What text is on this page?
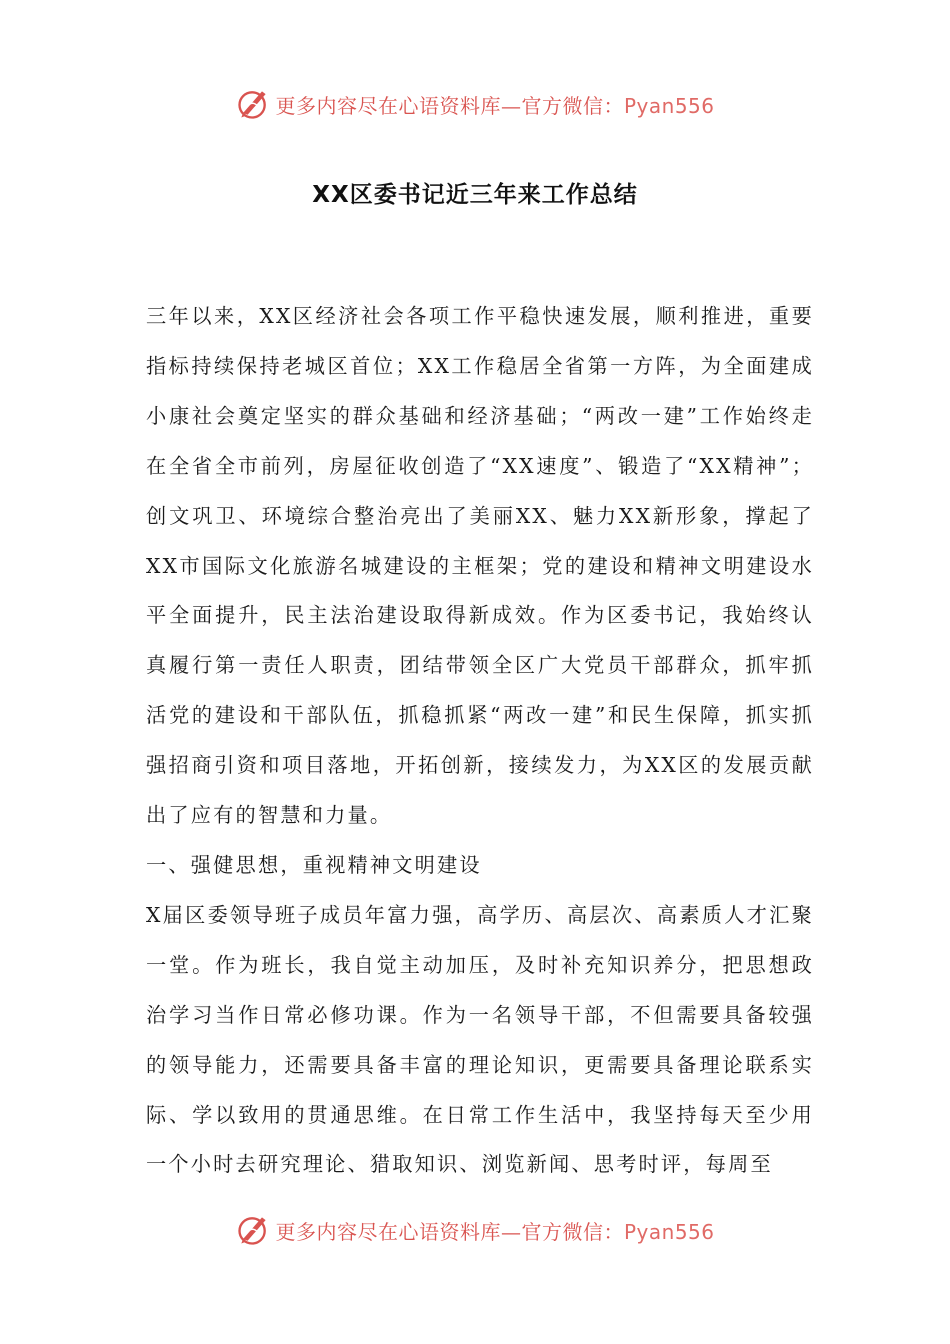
更多内容尽在心语资料库—官方微信：Pyan556
XX区委书记近三年来工作总结

三年以来，XX区经济社会各项工作平稳快速发展，顺利推进，重要指标持续保持老城区首位；XX工作稳居全省第一方阵，为全面建成小康社会奠定坚实的群众基础和经济基础；“两改一建”工作始终走在全省全市前列，房屋征收创造了“XX速度”、锻造了“XX精神”；创文巩卫、环境综合整治亮出了美丽XX、魅力XX新形象，撑起了XX市国际文化旅游名城建设的主框架；党的建设和精神文明建设水平全面提升，民主法治建设取得新成效。作为区委书记，我始终认真履行第一责任人职责，团结带领全区广大党员干部群众，抓牢抓活党的建设和干部队伍，抓稳抓紧“两改一建”和民生保障，抓实抓强招商引资和项目落地，开拓创新，接续发力，为XX区的发展贡献出了应有的智慧和力量。

一、强健思想，重视精神文明建设

X届区委领导班子成员年富力强，高学历、高层次、高素质人才汇聚一堂。作为班长，我自觉主动加压，及时补充知识养分，把思想政治学习当作日常必修功课。作为一名领导干部，不但需要具备较强的领导能力，还需要具备丰富的理论知识，更需要具备理论联系实际、学以致用的贯通思维。在日常工作生活中，我坚持每天至少用一个小时去研究理论、猎取知识、浏览新闻、思考时评，每周至

更多内容尽在心语资料库—官方微信：Pyan556
